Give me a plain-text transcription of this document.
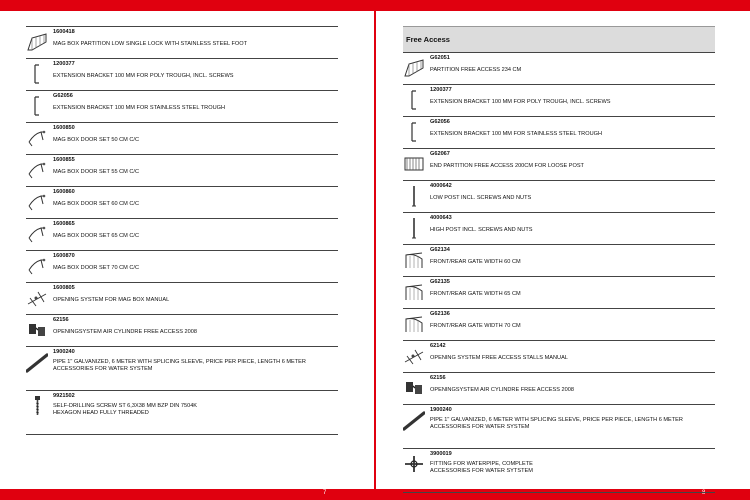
7	8
1600418
MAG BOX PARTITION LOW SINGLE LOCK WITH STAINLESS STEEL FOOT
1200377
EXTENSION BRACKET 100 MM FOR POLY TROUGH, INCL. SCREWS
G62056
EXTENSION BRACKET 100 MM FOR STAINLESS STEEL TROUGH
1600850
MAG BOX DOOR SET 50 CM C/C
1600855
MAG BOX DOOR SET 55 CM C/C
1600860
MAG BOX DOOR SET 60 CM C/C
1600865
MAG BOX DOOR SET 65 CM C/C
1600870
MAG BOX DOOR SET 70 CM C/C
1600805
OPENING SYSTEM FOR MAG BOX MANUAL
62156
OPENINGSYSTEM AIR CYLINDRE FREE ACCESS 2008
1900240
PIPE 1" GALVANIZED, 6 METER WITH SPLICING SLEEVE, PRICE PER PIECE, LENGTH 6 METER
ACCESSORIES FOR WATER SYSTEM
9921502
SELF-DRILLING SCREW ST 6,3X38 MM BZP DIN 7504K
HEXAGON HEAD FULLY THREADED
Free Access
G62051
PARTITION FREE ACCESS 234 CM
1200377
EXTENSION BRACKET 100 MM FOR POLY TROUGH, INCL. SCREWS
G62056
EXTENSION BRACKET 100 MM FOR STAINLESS STEEL TROUGH
G62067
END PARTITION FREE ACCESS 200CM FOR LOOSE POST
4000642
LOW POST INCL. SCREWS AND NUTS
4000643
HIGH POST INCL. SCREWS AND NUTS
G62134
FRONT/REAR GATE WIDTH 60 CM
G62135
FRONT/REAR GATE WIDTH 65 CM
G62136
FRONT/REAR GATE WIDTH 70 CM
62142
OPENING SYSTEM FREE ACCESS STALLS MANUAL
62156
OPENINGSYSTEM AIR CYLINDRE FREE ACCESS 2008
1900240
PIPE 1" GALVANIZED, 6 METER WITH SPLICING SLEEVE, PRICE PER PIECE, LENGTH 6 METER
ACCESSORIES FOR WATER SYSTEM
3900019
FITTING FOR WATERPIPE, COMPLETE
ACCESSORIES FOR WATER SYTSTEM
